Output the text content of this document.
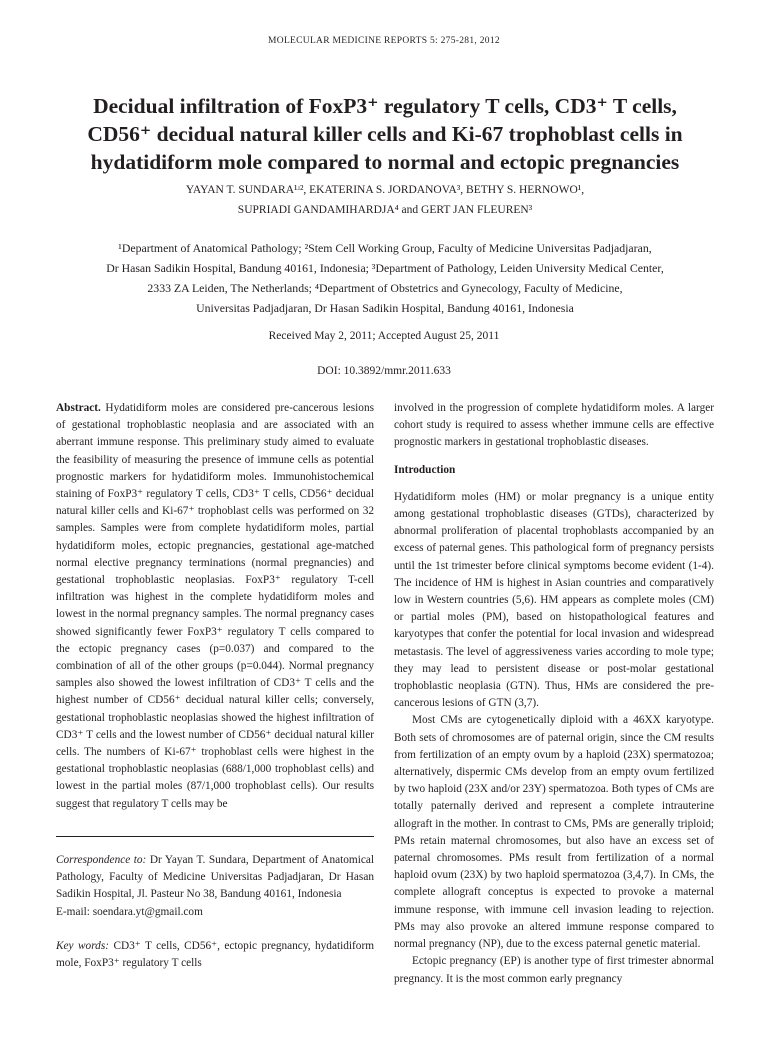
MOLECULAR MEDICINE REPORTS 5: 275-281, 2012
Decidual infiltration of FoxP3⁺ regulatory T cells, CD3⁺ T cells,
CD56⁺ decidual natural killer cells and Ki-67 trophoblast cells in
hydatidiform mole compared to normal and ectopic pregnancies
YAYAN T. SUNDARA¹ʴ², EKATERINA S. JORDANOVA³, BETHY S. HERNOWO¹,
SUPRIADI GANDAMIHARDJA⁴ and GERT JAN FLEUREN³
¹Department of Anatomical Pathology; ²Stem Cell Working Group, Faculty of Medicine Universitas Padjadjaran,
Dr Hasan Sadikin Hospital, Bandung 40161, Indonesia; ³Department of Pathology, Leiden University Medical Center,
2333 ZA Leiden, The Netherlands; ⁴Department of Obstetrics and Gynecology, Faculty of Medicine,
Universitas Padjadjaran, Dr Hasan Sadikin Hospital, Bandung 40161, Indonesia
Received May 2, 2011; Accepted August 25, 2011
DOI: 10.3892/mmr.2011.633

Abstract. Hydatidiform moles are considered pre-cancerous lesions of gestational trophoblastic neoplasia and are associated with an aberrant immune response. This preliminary study aimed to evaluate the feasibility of measuring the presence of immune cells as potential prognostic markers for hydatidiform moles. Immunohistochemical staining of FoxP3⁺ regulatory T cells, CD3⁺ T cells, CD56⁺ decidual natural killer cells and Ki-67⁺ trophoblast cells was performed on 32 samples. Samples were from complete hydatidiform moles, partial hydatidiform moles, ectopic pregnancies, gestational age-matched normal elective pregnancy terminations (normal pregnancies) and gestational trophoblastic neoplasias. FoxP3⁺ regulatory T-cell infiltration was highest in the complete hydatidiform moles and lowest in the normal pregnancy samples. The normal pregnancy cases showed significantly fewer FoxP3⁺ regulatory T cells compared to the ectopic pregnancy cases (p=0.037) and compared to the combination of all of the other groups (p=0.044). Normal pregnancy samples also showed the lowest infiltration of CD3⁺ T cells and the highest number of CD56⁺ decidual natural killer cells; conversely, gestational trophoblastic neoplasias showed the highest infiltration of CD3⁺ T cells and the lowest number of CD56⁺ decidual natural killer cells. The numbers of Ki-67⁺ trophoblast cells were highest in the gestational trophoblastic neoplasias (688/1,000 trophoblast cells) and lowest in the partial moles (87/1,000 trophoblast cells). Our results suggest that regulatory T cells may be

Correspondence to: Dr Yayan T. Sundara, Department of Anatomical Pathology, Faculty of Medicine Universitas Padjadjaran, Dr Hasan Sadikin Hospital, Jl. Pasteur No 38, Bandung 40161, Indonesia

E-mail: soendara.yt@gmail.com

Key words: CD3⁺ T cells, CD56⁺, ectopic pregnancy, hydatidiform mole, FoxP3⁺ regulatory T cells

involved in the progression of complete hydatidiform moles. A larger cohort study is required to assess whether immune cells are effective prognostic markers in gestational trophoblastic diseases.

Introduction

Hydatidiform moles (HM) or molar pregnancy is a unique entity among gestational trophoblastic diseases (GTDs), characterized by abnormal proliferation of placental trophoblasts accompanied by an excess of paternal genes. This pathological form of pregnancy persists until the 1st trimester before clinical symptoms become evident (1-4). The incidence of HM is highest in Asian countries and comparatively low in Western countries (5,6). HM appears as complete moles (CM) or partial moles (PM), based on histopathological features and karyotypes that confer the potential for local invasion and widespread metastasis. The level of aggressiveness varies according to mole type; they may lead to persistent disease or post-molar gestational trophoblastic neoplasia (GTN). Thus, HMs are considered the pre-cancerous lesions of GTN (3,7).

Most CMs are cytogenetically diploid with a 46XX karyotype. Both sets of chromosomes are of paternal origin, since the CM results from fertilization of an empty ovum by a haploid (23X) spermatozoa; alternatively, dispermic CMs develop from an empty ovum fertilized by two haploid (23X and/or 23Y) spermatozoa. Both types of CMs are totally paternally derived and represent a complete intrauterine allograft in the mother. In contrast to CMs, PMs are generally triploid; PMs retain maternal chromosomes, but also have an excess set of paternal chromosomes. PMs result from fertilization of a normal haploid ovum (23X) by two haploid spermatozoa (3,4,7). In CMs, the complete allograft conceptus is expected to provoke a maternal immune response, with immune cell invasion leading to rejection. PMs may also provoke an altered immune response compared to normal pregnancy (NP), due to the excess paternal genetic material.

Ectopic pregnancy (EP) is another type of first trimester abnormal pregnancy. It is the most common early pregnancy
